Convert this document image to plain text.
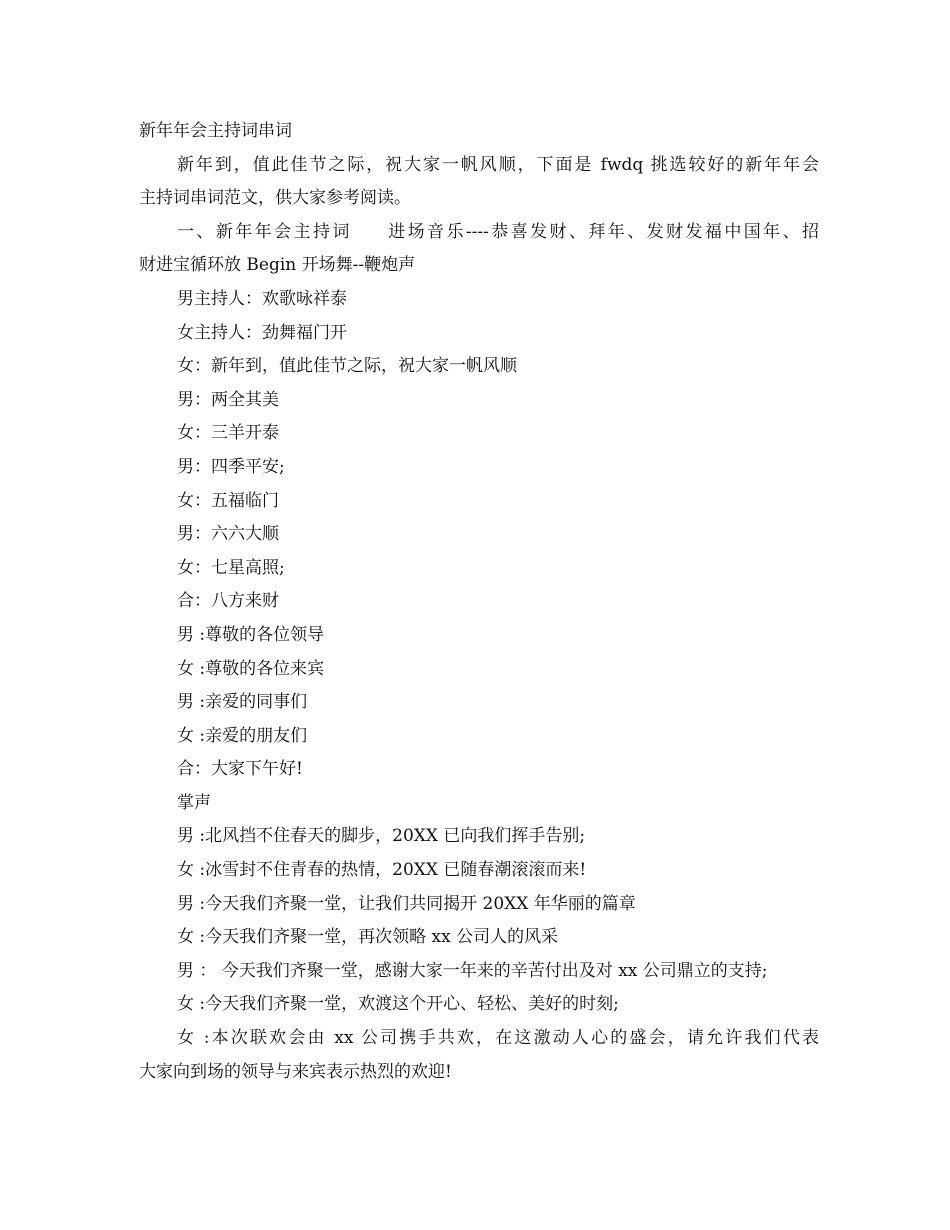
新年年会主持词串词
新年到，值此佳节之际，祝大家一帆风顺，下面是 fwdq 挑选较好的新年年会
主持词串词范文，供大家参考阅读。
一、新年年会主持词 进场音乐----恭喜发财、拜年、发财发福中国年、招
财进宝循环放 Begin 开场舞--鞭炮声
男主持人：欢歌咏祥泰
女主持人：劲舞福门开
女：新年到，值此佳节之际，祝大家一帆风顺
男：两全其美
女：三羊开泰
男：四季平安;
女：五福临门
男：六六大顺
女：七星高照;
合：八方来财
男 :尊敬的各位领导
女 :尊敬的各位来宾
男 :亲爱的同事们
女 :亲爱的朋友们
合：大家下午好!
掌声
男 :北风挡不住春天的脚步，20XX 已向我们挥手告别;
女 :冰雪封不住青春的热情，20XX 已随春潮滚滚而来!
男 :今天我们齐聚一堂，让我们共同揭开 20XX 年华丽的篇章
女 :今天我们齐聚一堂，再次领略 xx 公司人的风采
男 ： 今天我们齐聚一堂，感谢大家一年来的辛苦付出及对 xx 公司鼎立的支持;
女 :今天我们齐聚一堂，欢渡这个开心、轻松、美好的时刻;
女 :本次联欢会由 xx 公司携手共欢，在这激动人心的盛会，请允许我们代表
大家向到场的领导与来宾表示热烈的欢迎!
